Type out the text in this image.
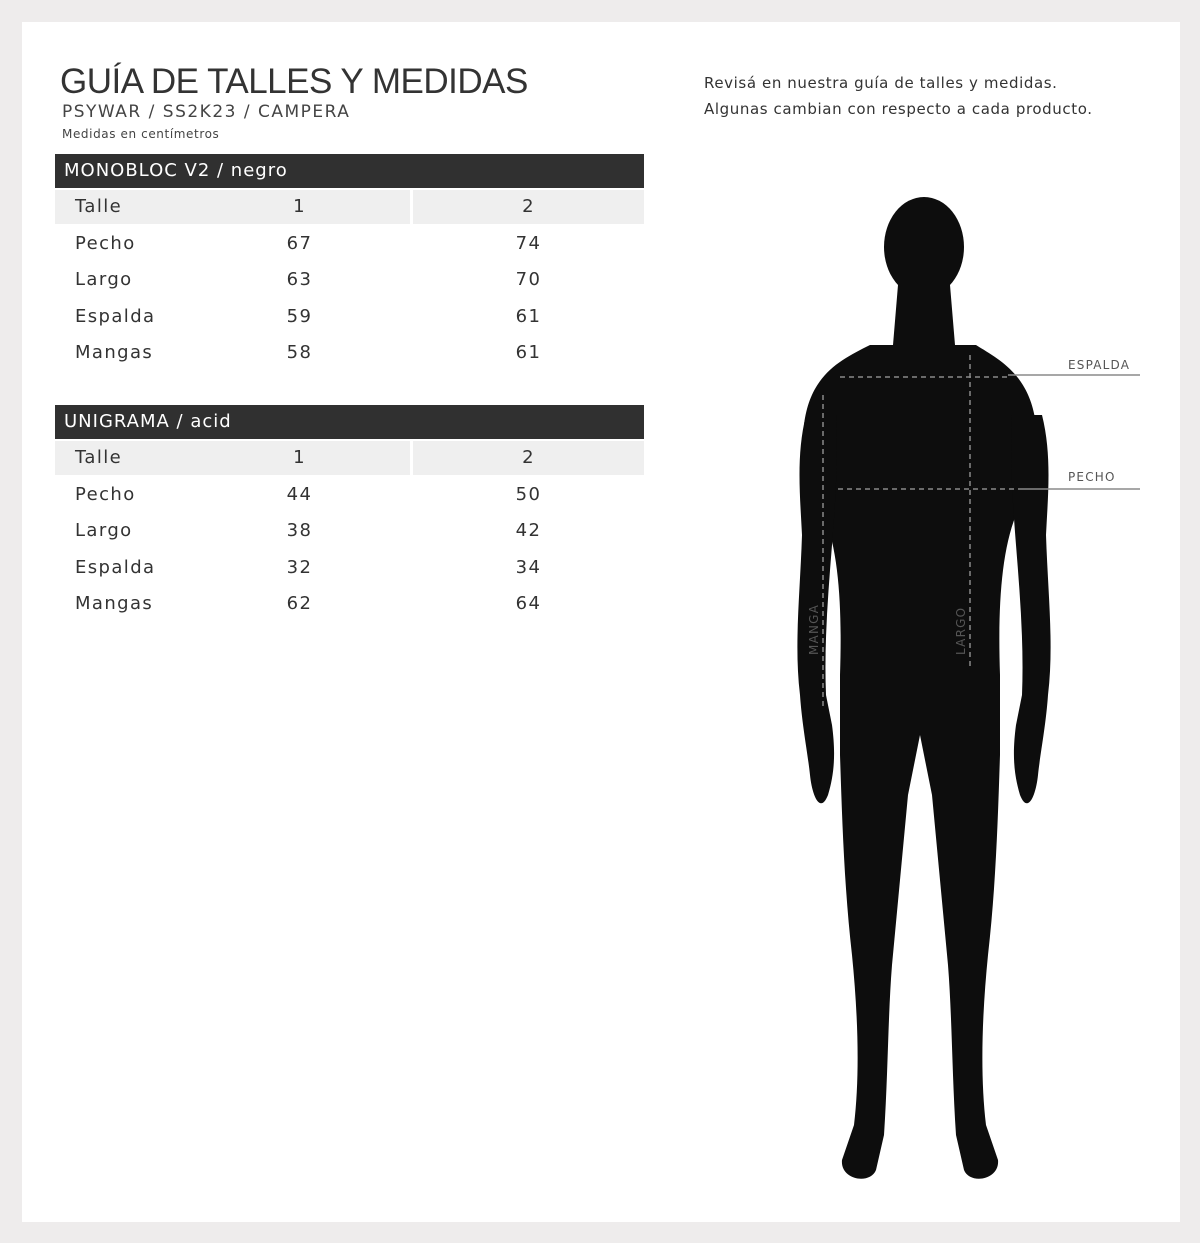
GUÍA DE TALLES Y MEDIDAS
PSYWAR / SS2K23 / CAMPERA
Medidas en centímetros
Revisá en nuestra guía de talles y medidas.
Algunas cambian con respecto a cada producto.
MONOBLOC V2 / negro
Talle	1	2
Pecho	67	74
Largo	63	70
Espalda	59	61
Mangas	58	61
UNIGRAMA / acid
Talle	1	2
Pecho	44	50
Largo	38	42
Espalda	32	34
Mangas	62	64
ESPALDA
PECHO
MANGA	LARGO
